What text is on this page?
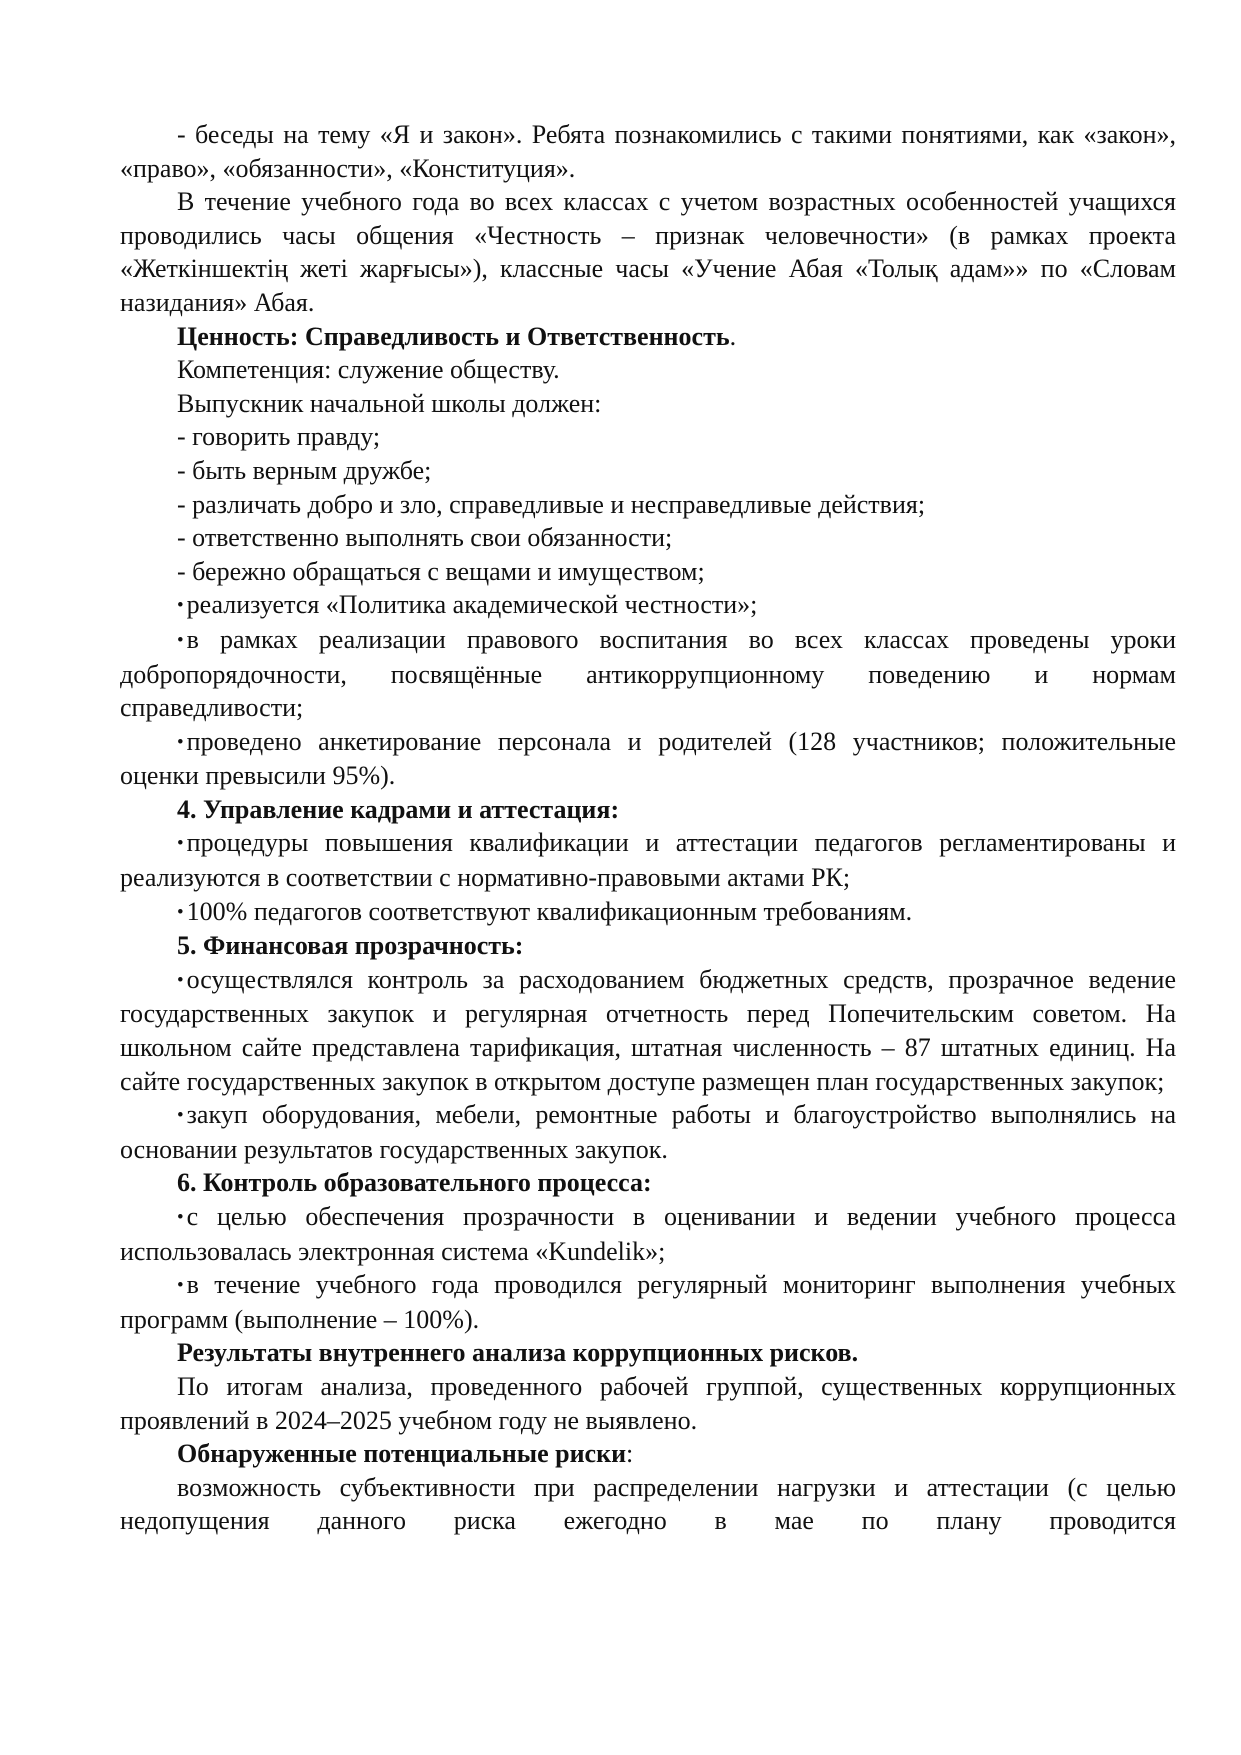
- беседы на тему «Я и закон». Ребята познакомились с такими понятиями, как «закон», «право», «обязанности», «Конституция».

В течение учебного года во всех классах с учетом возрастных особенностей учащихся проводились часы общения «Честность – признак человечности» (в рамках проекта «Жеткіншектің жеті жарғысы»), классные часы «Учение Абая «Толық адам»» по «Словам назидания» Абая.

Ценность: Справедливость и Ответственность.

Компетенция: служение обществу.

Выпускник начальной школы должен:

- говорить правду;

- быть верным дружбе;

- различать добро и зло, справедливые и несправедливые действия;

- ответственно выполнять свои обязанности;

- бережно обращаться с вещами и имуществом;

• реализуется «Политика академической честности»;

• в рамках реализации правового воспитания во всех классах проведены уроки добропорядочности, посвящённые антикоррупционному поведению и нормам справедливости;

• проведено анкетирование персонала и родителей (128 участников; положительные оценки превысили 95%).

4. Управление кадрами и аттестация:

• процедуры повышения квалификации и аттестации педагогов регламентированы и реализуются в соответствии с нормативно-правовыми актами РК;

• 100% педагогов соответствуют квалификационным требованиям.

5. Финансовая прозрачность:

• осуществлялся контроль за расходованием бюджетных средств, прозрачное ведение государственных закупок и регулярная отчетность перед Попечительским советом. На школьном сайте представлена тарификация, штатная численность – 87 штатных единиц. На сайте государственных закупок в открытом доступе размещен план государственных закупок;

• закуп оборудования, мебели, ремонтные работы и благоустройство выполнялись на основании результатов государственных закупок.

6. Контроль образовательного процесса:

• с целью обеспечения прозрачности в оценивании и ведении учебного процесса использовалась электронная система «Kundelik»;

• в течение учебного года проводился регулярный мониторинг выполнения учебных программ (выполнение – 100%).

Результаты внутреннего анализа коррупционных рисков.

По итогам анализа, проведенного рабочей группой, существенных коррупционных проявлений в 2024–2025 учебном году не выявлено.

Обнаруженные потенциальные риски:

возможность субъективности при распределении нагрузки и аттестации (с целью недопущения данного риска ежегодно в мае по плану проводится
